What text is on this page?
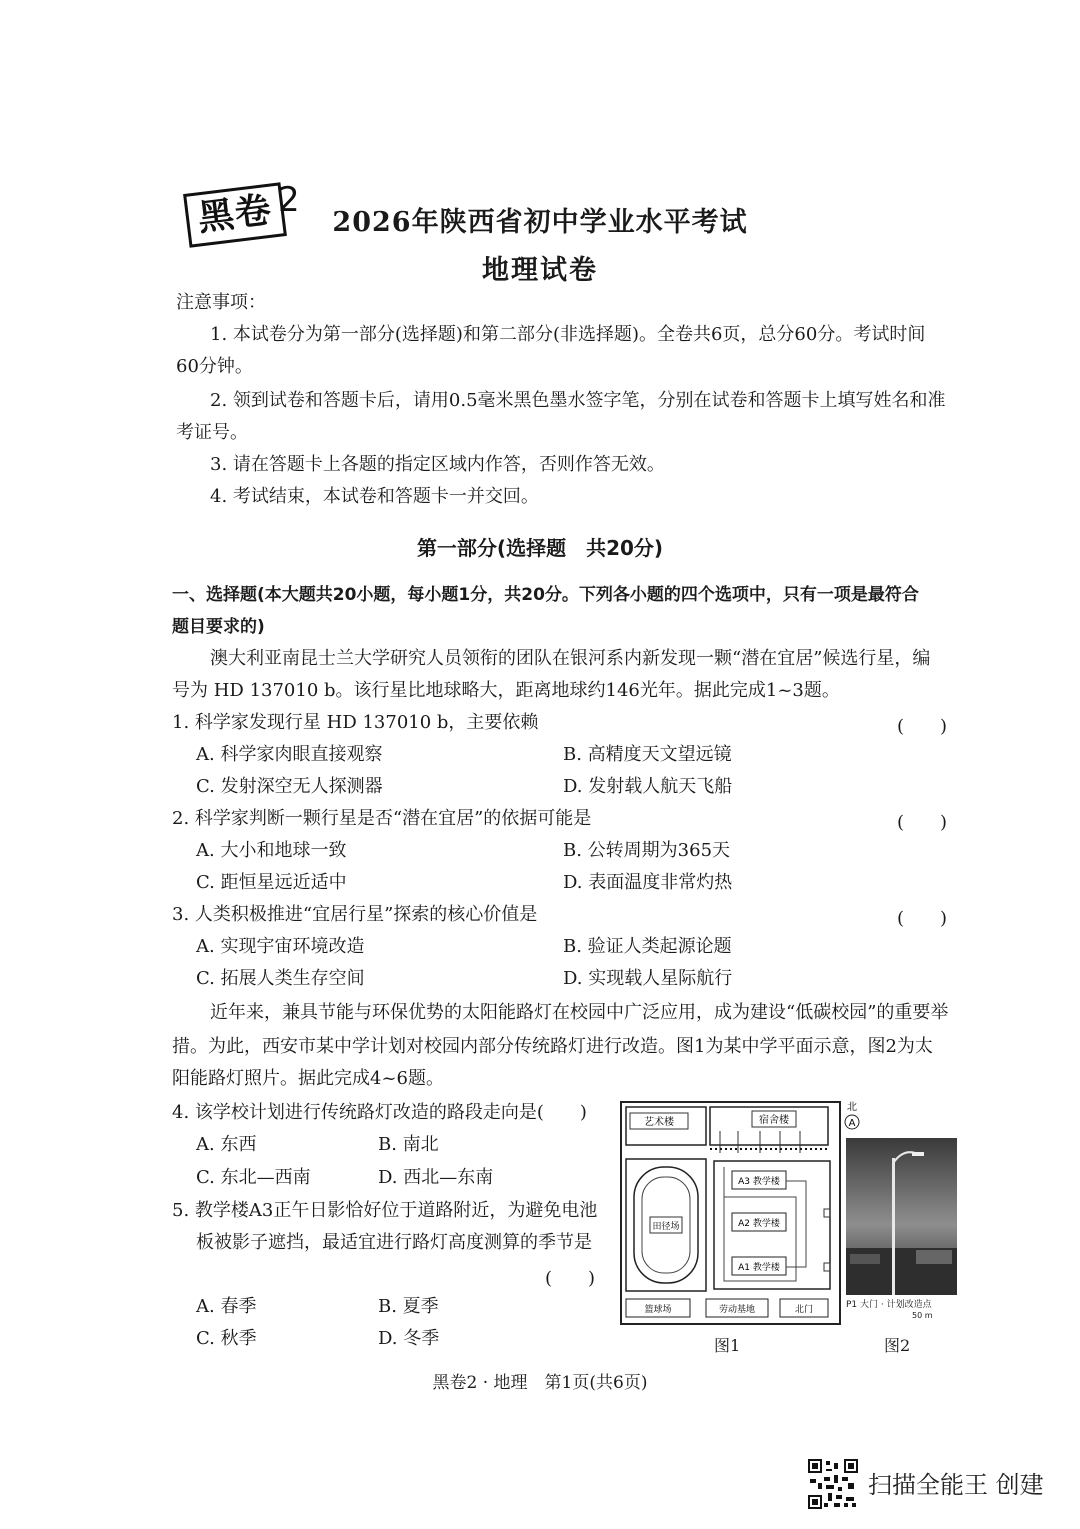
黑卷 2
2026年陕西省初中学业水平考试
地理试卷
注意事项：
1. 本试卷分为第一部分(选择题)和第二部分(非选择题)。全卷共6页，总分60分。考试时间
60分钟。
2. 领到试卷和答题卡后，请用0.5毫米黑色墨水签字笔，分别在试卷和答题卡上填写姓名和准
考证号。
3. 请在答题卡上各题的指定区域内作答，否则作答无效。
4. 考试结束，本试卷和答题卡一并交回。
第一部分(选择题　共20分)
一、选择题(本大题共20小题，每小题1分，共20分。下列各小题的四个选项中，只有一项是最符合
题目要求的)
澳大利亚南昆士兰大学研究人员领衔的团队在银河系内新发现一颗“潜在宜居”候选行星，编
号为 HD 137010 b。该行星比地球略大，距离地球约146光年。据此完成1~3题。
1. 科学家发现行星 HD 137010 b，主要依赖	(　　)
A. 科学家肉眼直接观察	B. 高精度天文望远镜
C. 发射深空无人探测器	D. 发射载人航天飞船
2. 科学家判断一颗行星是否“潜在宜居”的依据可能是	(　　)
A. 大小和地球一致	B. 公转周期为365天
C. 距恒星远近适中	D. 表面温度非常灼热
3. 人类积极推进“宜居行星”探索的核心价值是	(　　)
A. 实现宇宙环境改造	B. 验证人类起源论题
C. 拓展人类生存空间	D. 实现载人星际航行
近年来，兼具节能与环保优势的太阳能路灯在校园中广泛应用，成为建设“低碳校园”的重要举
措。为此，西安市某中学计划对校园内部分传统路灯进行改造。图1为某中学平面示意，图2为太
阳能路灯照片。据此完成4~6题。
4. 该学校计划进行传统路灯改造的路段走向是(　　)
A. 东西	B. 南北
C. 东北—西南	D. 西北—东南
5. 教学楼A3正午日影恰好位于道路附近，为避免电池
板被影子遮挡，最适宜进行路灯高度测算的季节是
(　　)
A. 春季	B. 夏季
C. 秋季	D. 冬季
艺术楼	宿舍楼
田径场
A3 教学楼
A2 教学楼
A1 教学楼
篮球场	劳动基地	北门
北
A
P1 大门 · 计划改造点
50 m
图1	图2
黑卷2 · 地理　第1页(共6页)
扫描全能王 创建
